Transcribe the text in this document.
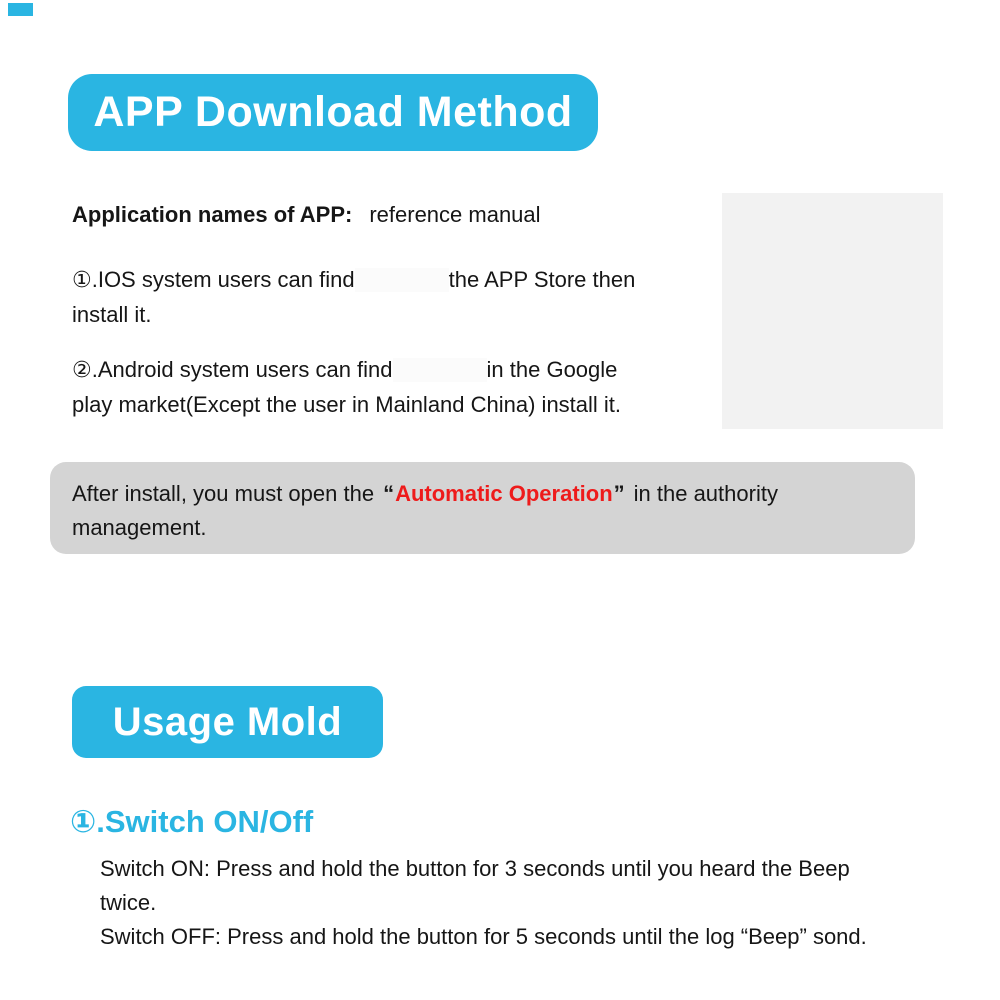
APP Download Method
Application names of APP: reference manual
①.IOS system users can find	the APP Store then
install it.
②.Android system users can find	in the Google
play market(Except the user in Mainland China) install it.
After install, you must open the “ Automatic Operation ” in the authority
management.
Usage Mold
①.Switch ON/Off
Switch ON: Press and hold the button for 3 seconds until you heard the Beep
twice.
Switch OFF: Press and hold the button for 5 seconds until the log “Beep” sond.
